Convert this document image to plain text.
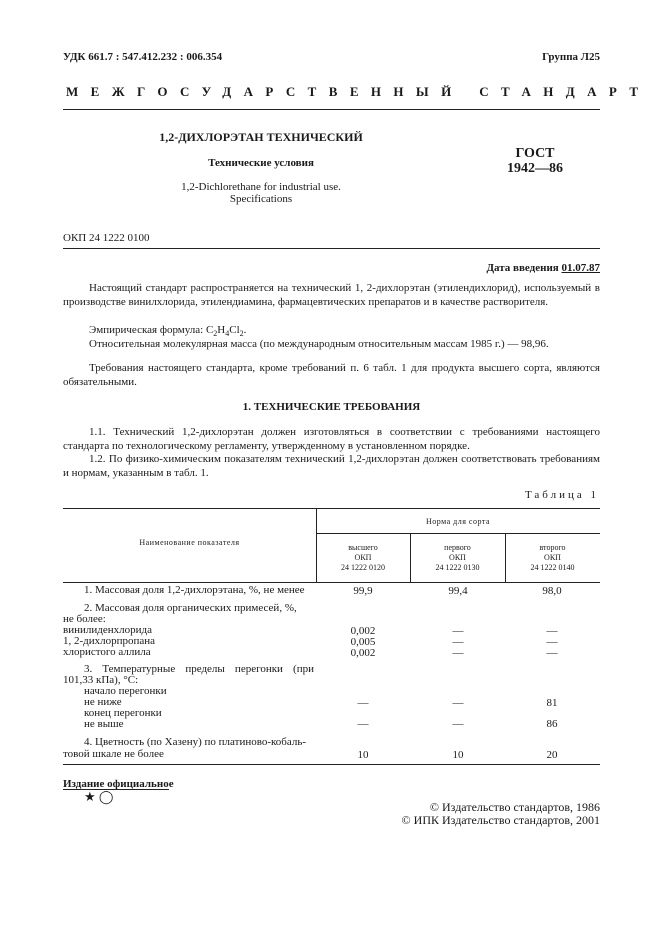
УДК 661.7 : 547.412.232 : 006.354	Группа Л25
МЕЖГОСУДАРСТВЕННЫЙ СТАНДАРТ
1,2-ДИХЛОРЭТАН ТЕХНИЧЕСКИЙ
Технические условия
1,2-Dichlorethane for industrial use.
Specifications
ГОСТ
1942—86
ОКП 24 1222 0100
Дата введения 01.07.87
Настоящий стандарт распространяется на технический 1, 2-дихлорэтан (этилендихлорид), используемый в производстве винилхлорида, этилендиамина, фармацевтических препаратов и в качестве растворителя.
Эмпирическая формула: $C_2H_4Cl_2$.
Относительная молекулярная масса (по международным относительным массам 1985 г.) — 98,96.
Требования настоящего стандарта, кроме требований п. 6 табл. 1 для продукта высшего сорта, являются обязательными.
1. ТЕХНИЧЕСКИЕ ТРЕБОВАНИЯ
1.1. Технический 1,2-дихлорэтан должен изготовляться в соответствии с требованиями настоящего стандарта по технологическому регламенту, утвержденному в установленном порядке.
1.2. По физико-химическим показателям технический 1,2-дихлорэтан должен соответствовать требованиям и нормам, указанным в табл. 1.
Таблица 1
Наименование показателя
Норма для сорта
высшего
ОКП
24 1222 0120
первого
ОКП
24 1222 0130
второго
ОКП
24 1222 0140
1. Массовая доля 1,2-дихлорэтана, %, не менее	99,9	99,4	98,0
2. Массовая доля органических примесей, %,
не более:
винилиденхлорида	0,002	—	—
1, 2-дихлорпропана	0,005	—	—
хлористого аллила	0,002	—	—
3. Температурные пределы перегонки (при
101,33 кПа), °С:
начало перегонки
не ниже	—	—	81
конец перегонки
не выше	—	—	86
4. Цветность (по Хазену) по платиново-кобаль-
товой шкале не более	10	10	20
Издание официальное
★ ◯
© Издательство стандартов, 1986
© ИПК Издательство стандартов, 2001
